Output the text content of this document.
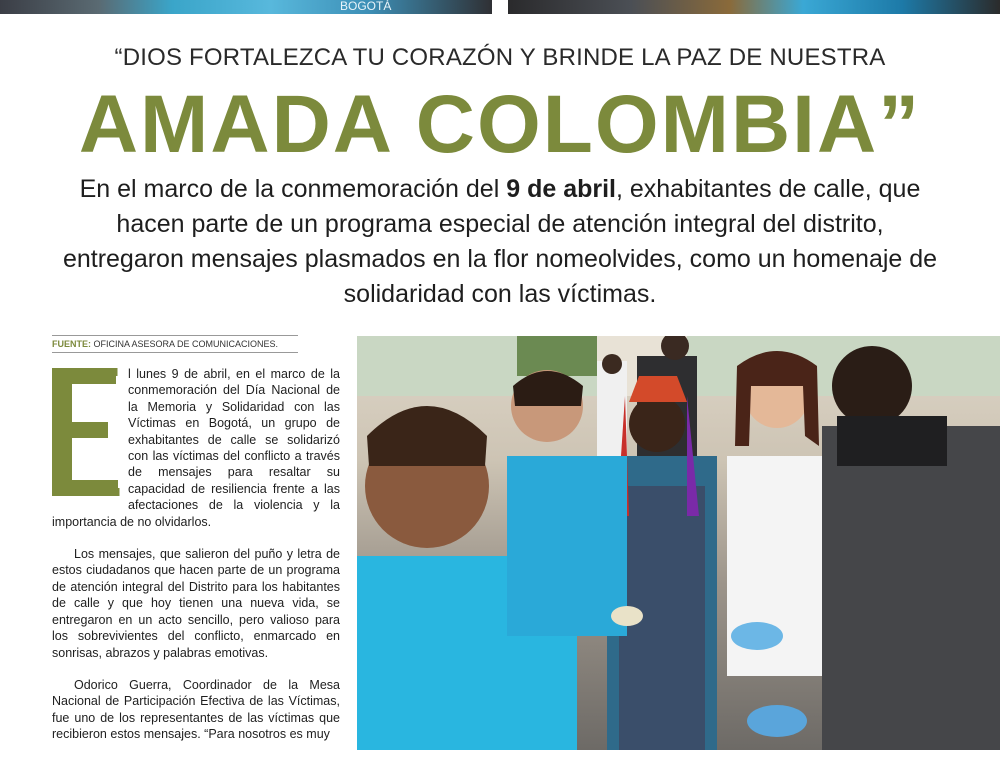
BOGOTÁ
“DIOS FORTALEZCA TU CORAZÓN Y BRINDE LA PAZ DE NUESTRA
AMADA COLOMBIA”
En el marco de la conmemoración del 9 de abril, exhabitantes de calle, que hacen parte de un programa especial de atención integral del distrito, entregaron mensajes plasmados en la flor nomeolvides, como un homenaje de solidaridad con las víctimas.
FUENTE: OFICINA ASESORA DE COMUNICACIONES.

l lunes 9 de abril, en el marco de la conmemoración del Día Nacional de la Memoria y Solidaridad con las Víctimas en Bogotá, un grupo de exhabitantes de calle se solidarizó con las víctimas del conflicto a través de mensajes para resaltar su capacidad de resiliencia frente a las afectaciones de la violencia y la importancia de no olvidarlos.

Los mensajes, que salieron del puño y letra de estos ciudadanos que hacen parte de un programa de atención integral del Distrito para los habitantes de calle y que hoy tienen una nueva vida, se entregaron en un acto sencillo, pero valioso para los sobrevivientes del conflicto, enmarcado en sonrisas, abrazos y palabras emotivas.

Odorico Guerra, Coordinador de la Mesa Nacional de Participación Efectiva de las Víctimas, fue uno de los representantes de las víctimas que recibieron estos mensajes. “Para nosotros es muy
